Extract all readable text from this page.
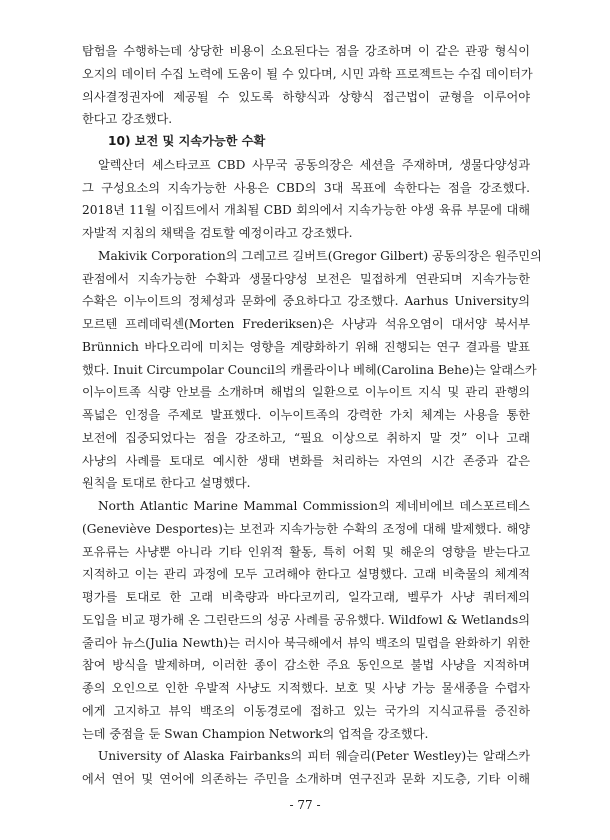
탐험을 수행하는데 상당한 비용이 소요된다는 점을 강조하며 이 같은 관광 형식이
오지의 데이터 수집 노력에 도움이 될 수 있다며, 시민 과학 프로젝트는 수집 데이터가
의사결정권자에 제공될 수 있도록 하향식과 상향식 접근법이 균형을 이루어야
한다고 강조했다.
10) 보전 및 지속가능한 수확
알렉산더 셰스타코프 CBD 사무국 공동의장은 세션을 주재하며, 생물다양성과
그 구성요소의 지속가능한 사용은 CBD의 3대 목표에 속한다는 점을 강조했다.
2018년 11월 이집트에서 개최될 CBD 회의에서 지속가능한 야생 육류 부문에 대해
자발적 지침의 채택을 검토할 예정이라고 강조했다.
Makivik Corporation의 그레고르 길버트(Gregor Gilbert) 공동의장은 원주민의
관점에서 지속가능한 수확과 생물다양성 보전은 밀접하게 연관되며 지속가능한
수확은 이누이트의 정체성과 문화에 중요하다고 강조했다. Aarhus University의
모르텐 프레데릭센(Morten Frederiksen)은 사냥과 석유오염이 대서양 북서부
Brünnich 바다오리에 미치는 영향을 계량화하기 위해 진행되는 연구 결과를 발표
했다. Inuit Circumpolar Council의 캐롤라이나 베헤(Carolina Behe)는 알래스카
이누이트족 식량 안보를 소개하며 해법의 일환으로 이누이트 지식 및 관리 관행의
폭넓은 인정을 주제로 발표했다. 이누이트족의 강력한 가치 체계는 사용을 통한
보전에 집중되었다는 점을 강조하고, “필요 이상으로 취하지 말 것” 이나 고래
사냥의 사례를 토대로 예시한 생태 변화를 처리하는 자연의 시간 존중과 같은
원칙을 토대로 한다고 설명했다.
North Atlantic Marine Mammal Commission의 제네비에브 데스포르테스
(Geneviève Desportes)는 보전과 지속가능한 수확의 조정에 대해 발제했다. 해양
포유류는 사냥뿐 아니라 기타 인위적 활동, 특히 어획 및 해운의 영향을 받는다고
지적하고 이는 관리 과정에 모두 고려해야 한다고 설명했다. 고래 비축물의 체계적
평가를 토대로 한 고래 비축량과 바다코끼리, 일각고래, 벨루가 사냥 쿼터제의
도입을 비교 평가해 온 그린란드의 성공 사례를 공유했다. Wildfowl & Wetlands의
줄리아 뉴스(Julia Newth)는 러시아 북극해에서 뷰익 백조의 밀렵을 완화하기 위한
참여 방식을 발제하며, 이러한 종이 감소한 주요 동인으로 불법 사냥을 지적하며
종의 오인으로 인한 우발적 사냥도 지적했다. 보호 및 사냥 가능 물새종을 수렵자
에게 고지하고 뷰익 백조의 이동경로에 접하고 있는 국가의 지식교류를 증진하
는데 중점을 둔 Swan Champion Network의 업적을 강조했다.
University of Alaska Fairbanks의 피터 웨슬리(Peter Westley)는 알래스카
에서 연어 및 연어에 의존하는 주민을 소개하며 연구진과 문화 지도층, 기타 이해
- 77 -
